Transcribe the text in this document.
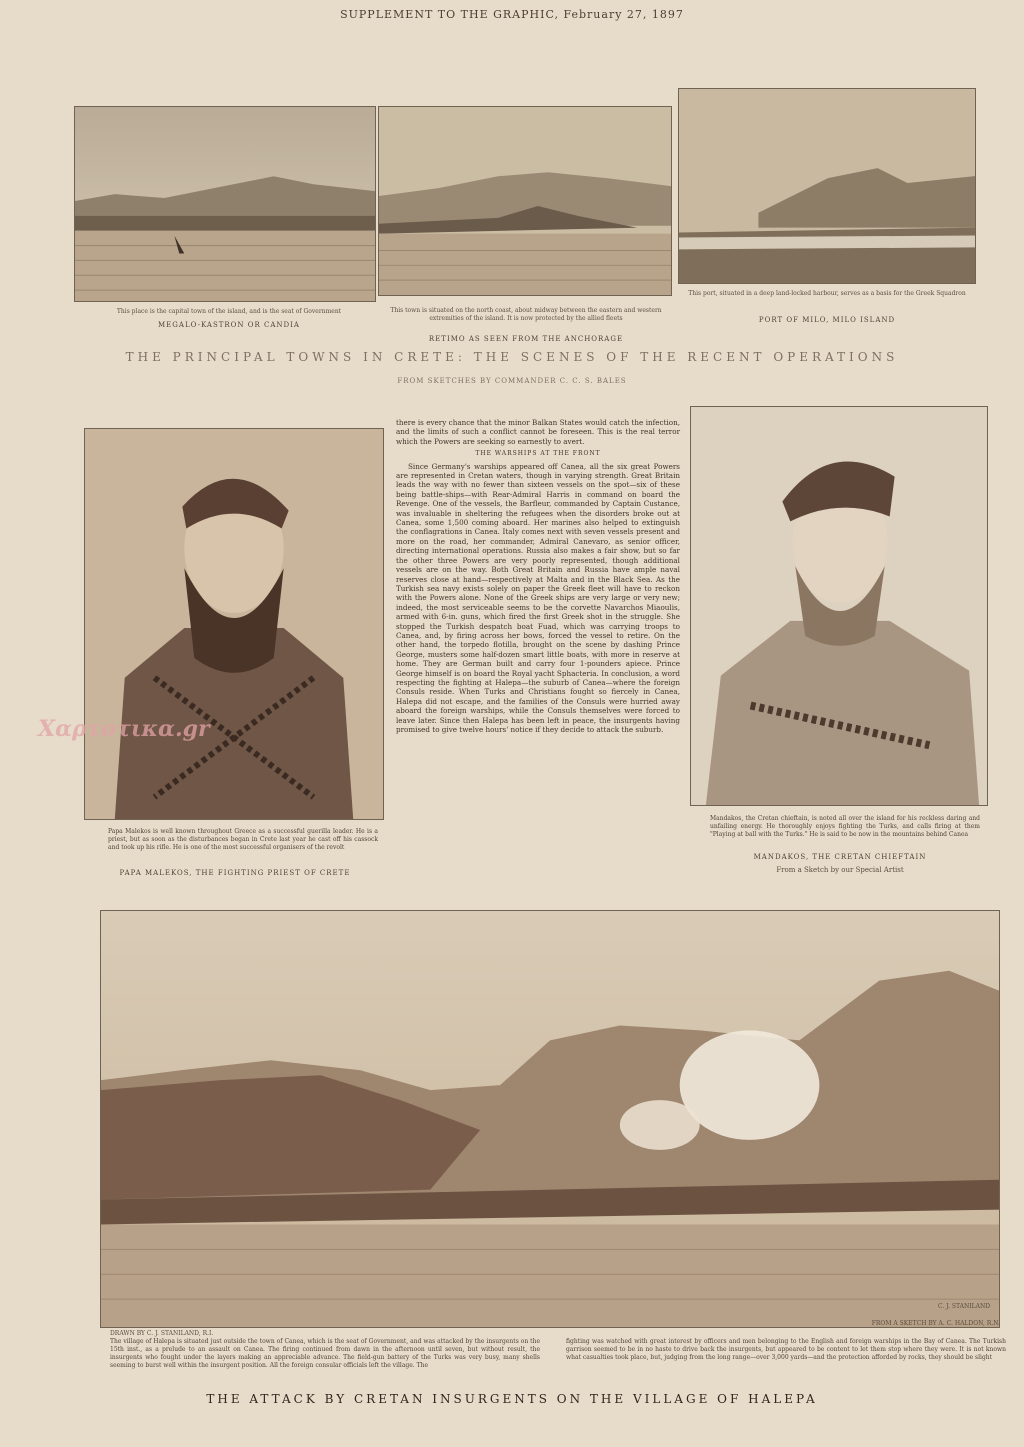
SUPPLEMENT TO THE GRAPHIC, February 27, 1897
This place is the capital town of the island, and is the seat of Government
MEGALO-KASTRON OR CANDIA
This town is situated on the north coast, about midway between the eastern and western extremities of the island. It is now protected by the allied fleets
RETIMO AS SEEN FROM THE ANCHORAGE
This port, situated in a deep land-locked harbour, serves as a basis for the Greek Squadron
PORT OF MILO, MILO ISLAND
THE PRINCIPAL TOWNS IN CRETE: THE SCENES OF THE RECENT OPERATIONS
FROM SKETCHES BY COMMANDER C. C. S. BALES
Xαρτοτικα.gr
Papa Malekos is well known throughout Greece as a successful guerilla leader. He is a priest, but as soon as the disturbances began in Crete last year he cast off his cassock and took up his rifle. He is one of the most successful organisers of the revolt
PAPA MALEKOS, THE FIGHTING PRIEST OF CRETE

there is every chance that the minor Balkan States would catch the infection, and the limits of such a conflict cannot be foreseen. This is the real terror which the Powers are seeking so earnestly to avert.

THE WARSHIPS AT THE FRONT

Since Germany's warships appeared off Canea, all the six great Powers are represented in Cretan waters, though in varying strength. Great Britain leads the way with no fewer than sixteen vessels on the spot—six of these being battle-ships—with Rear-Admiral Harris in command on board the Revenge. One of the vessels, the Barfleur, commanded by Captain Custance, was invaluable in sheltering the refugees when the disorders broke out at Canea, some 1,500 coming aboard. Her marines also helped to extinguish the conflagrations in Canea. Italy comes next with seven vessels present and more on the road, her commander, Admiral Canevaro, as senior officer, directing international operations. Russia also makes a fair show, but so far the other three Powers are very poorly represented, though additional vessels are on the way. Both Great Britain and Russia have ample naval reserves close at hand—respectively at Malta and in the Black Sea. As the Turkish sea navy exists solely on paper the Greek fleet will have to reckon with the Powers alone. None of the Greek ships are very large or very new; indeed, the most serviceable seems to be the corvette Navarchos Miaoulis, armed with 6-in. guns, which fired the first Greek shot in the struggle. She stopped the Turkish despatch boat Fuad, which was carrying troops to Canea, and, by firing across her bows, forced the vessel to retire. On the other hand, the torpedo flotilla, brought on the scene by dashing Prince George, musters some half-dozen smart little boats, with more in reserve at home. They are German built and carry four 1-pounders apiece. Prince George himself is on board the Royal yacht Sphacteria. In conclusion, a word respecting the fighting at Halepa—the suburb of Canea—where the foreign Consuls reside. When Turks and Christians fought so fiercely in Canea, Halepa did not escape, and the families of the Consuls were hurried away aboard the foreign warships, while the Consuls themselves were forced to leave later. Since then Halepa has been left in peace, the insurgents having promised to give twelve hours' notice if they decide to attack the suburb.

Mandakos, the Cretan chieftain, is noted all over the island for his reckless daring and unfailing energy. He thoroughly enjoys fighting the Turks, and calls firing at them "Playing at ball with the Turks." He is said to be now in the mountains behind Canea
MANDAKOS, THE CRETAN CHIEFTAIN
From a Sketch by our Special Artist
DRAWN BY C. J. STANILAND, R.I.
FROM A SKETCH BY A. C. HALDON, R.N.
C. J. STANILAND
The village of Halepa is situated just outside the town of Canea, which is the seat of Government, and was attacked by the insurgents on the 15th inst., as a prelude to an assault on Canea. The firing continued from dawn in the afternoon until seven, but without result, the insurgents who fought under the layers making an appreciable advance. The field-gun battery of the Turks was very busy, many shells seeming to burst well within the insurgent position. All the foreign consular officials left the village. The
fighting was watched with great interest by officers and men belonging to the English and foreign warships in the Bay of Canea. The Turkish garrison seemed to be in no haste to drive back the insurgents, but appeared to be content to let them stop where they were. It is not known what casualties took place, but, judging from the long range—over 3,000 yards—and the protection afforded by rocks, they should be slight
THE ATTACK BY CRETAN INSURGENTS ON THE VILLAGE OF HALEPA
